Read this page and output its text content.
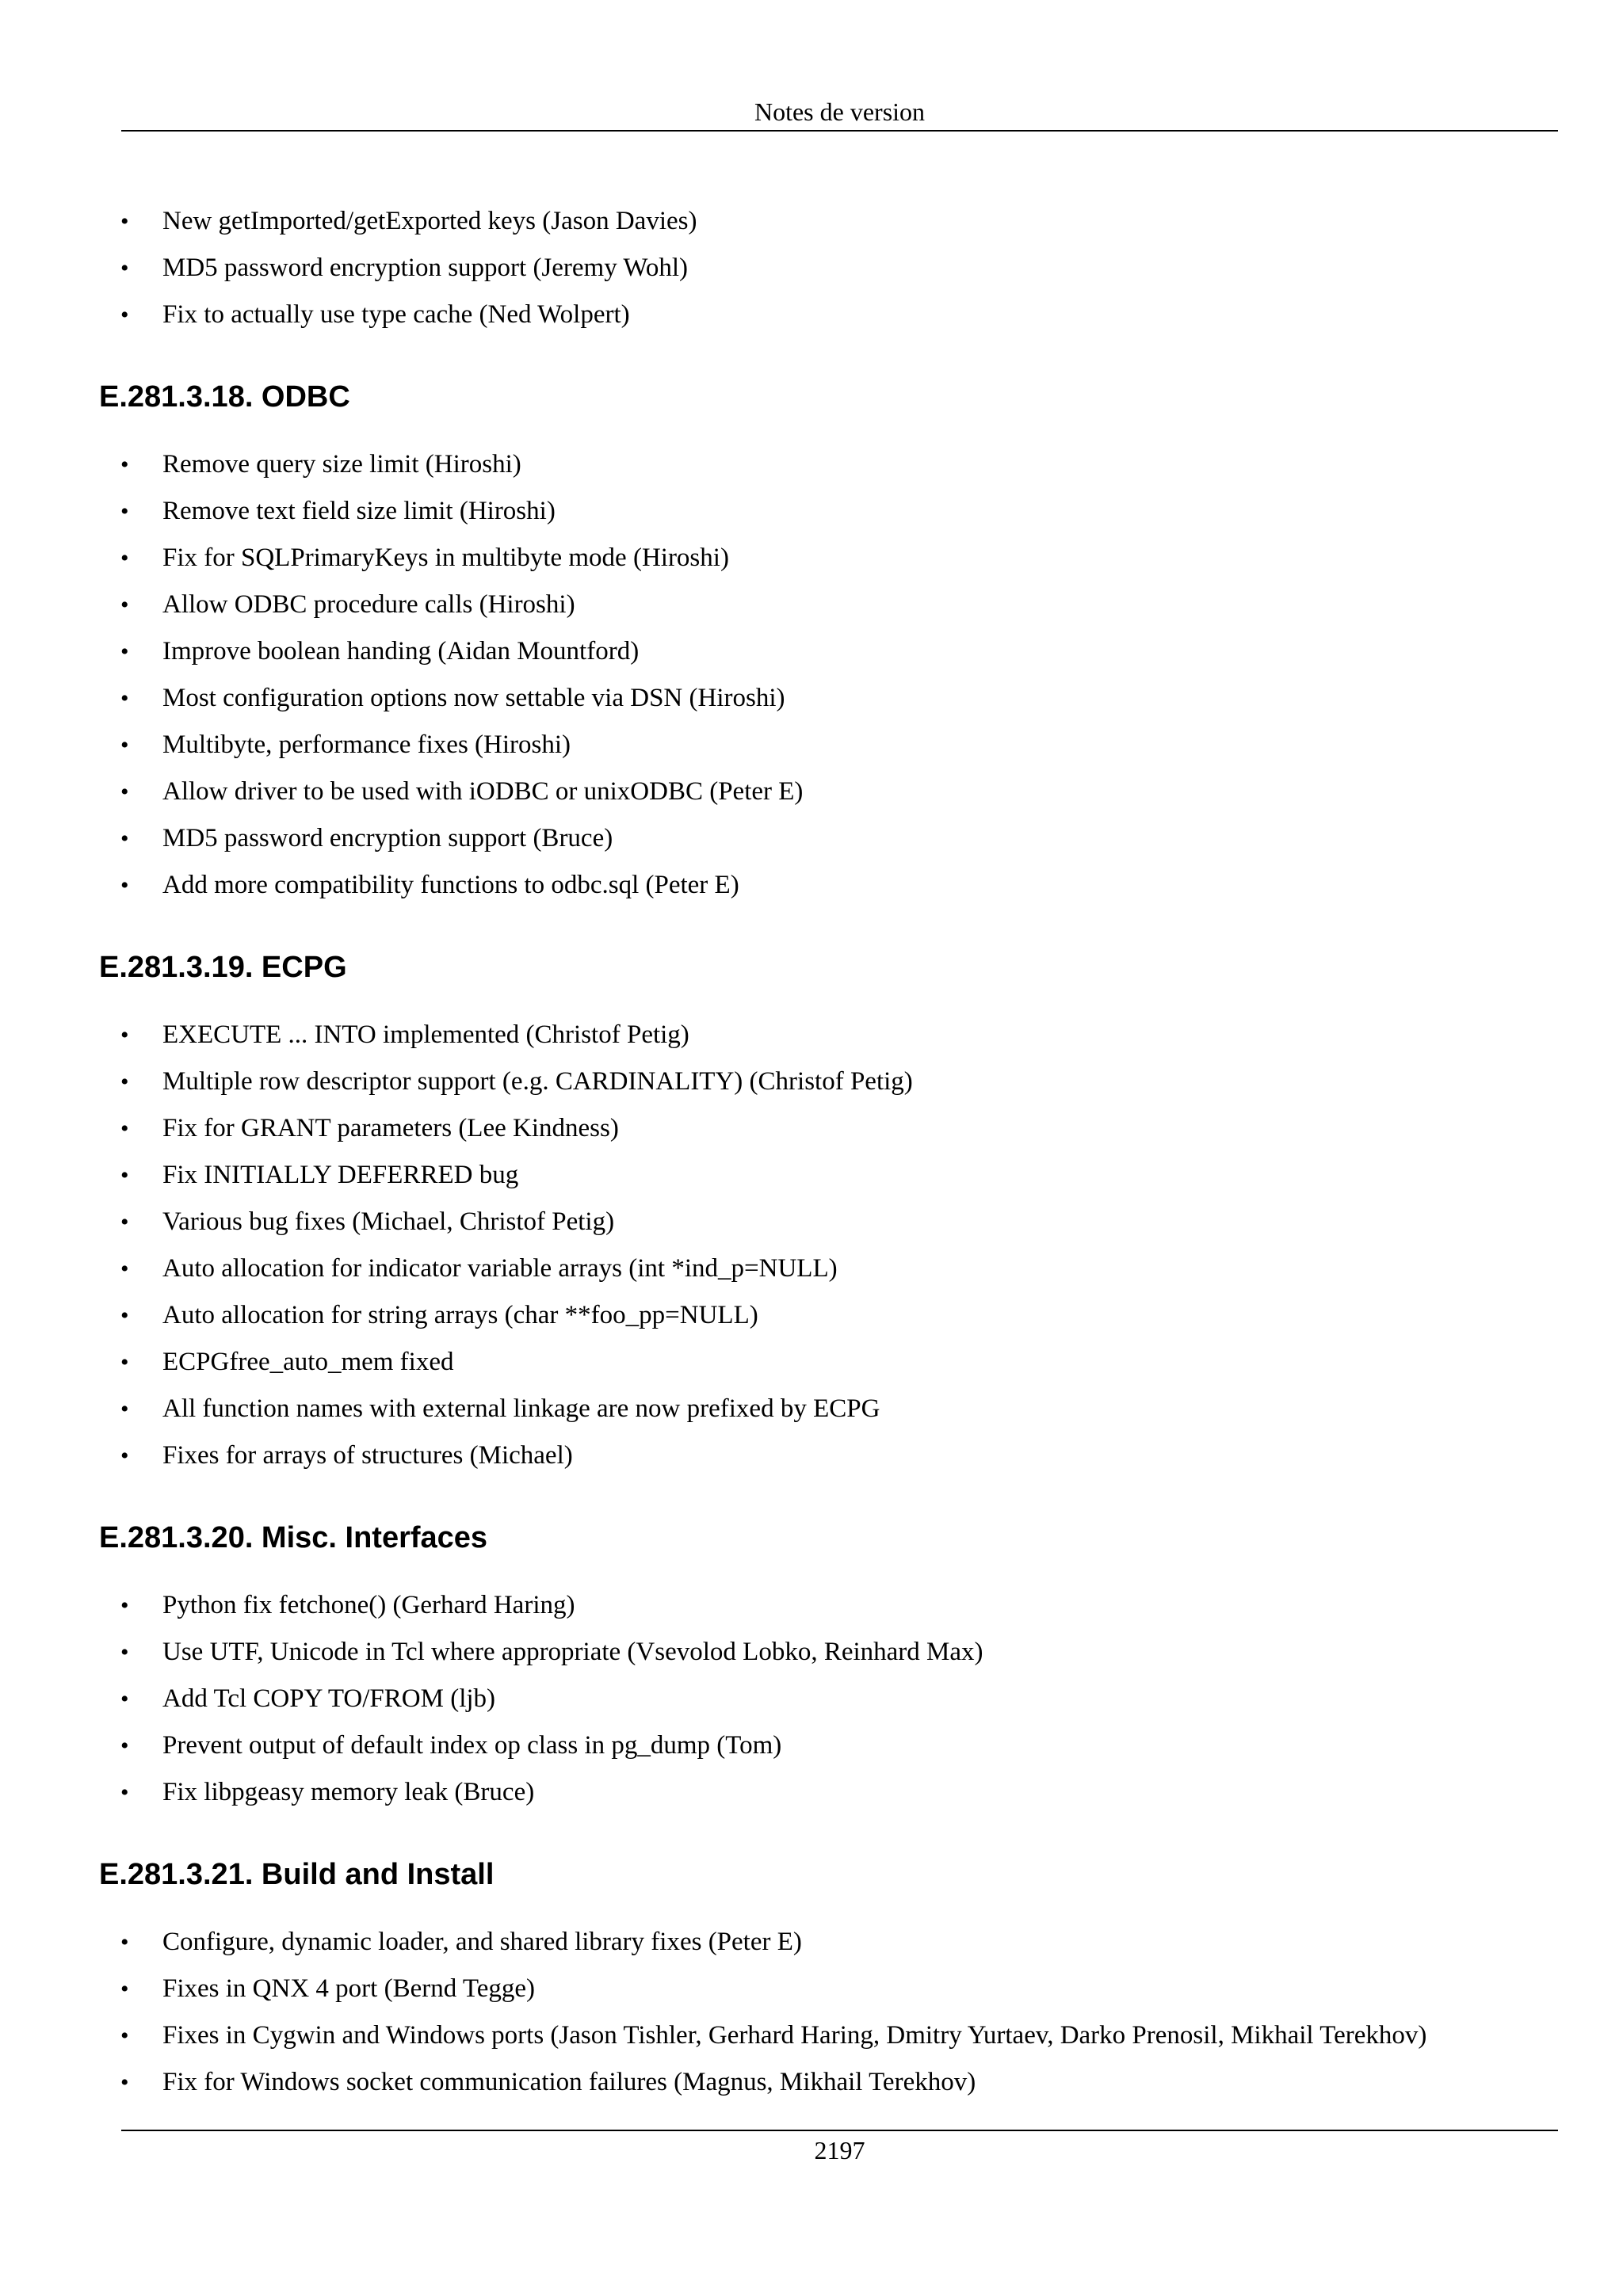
Notes de version
• New getImported/getExported keys (Jason Davies)
• MD5 password encryption support (Jeremy Wohl)
• Fix to actually use type cache (Ned Wolpert)
E.281.3.18. ODBC
• Remove query size limit (Hiroshi)
• Remove text field size limit (Hiroshi)
• Fix for SQLPrimaryKeys in multibyte mode (Hiroshi)
• Allow ODBC procedure calls (Hiroshi)
• Improve boolean handing (Aidan Mountford)
• Most configuration options now settable via DSN (Hiroshi)
• Multibyte, performance fixes (Hiroshi)
• Allow driver to be used with iODBC or unixODBC (Peter E)
• MD5 password encryption support (Bruce)
• Add more compatibility functions to odbc.sql (Peter E)
E.281.3.19. ECPG
• EXECUTE ... INTO implemented (Christof Petig)
• Multiple row descriptor support (e.g. CARDINALITY) (Christof Petig)
• Fix for GRANT parameters (Lee Kindness)
• Fix INITIALLY DEFERRED bug
• Various bug fixes (Michael, Christof Petig)
• Auto allocation for indicator variable arrays (int *ind_p=NULL)
• Auto allocation for string arrays (char **foo_pp=NULL)
• ECPGfree_auto_mem fixed
• All function names with external linkage are now prefixed by ECPG
• Fixes for arrays of structures (Michael)
E.281.3.20. Misc. Interfaces
• Python fix fetchone() (Gerhard Haring)
• Use UTF, Unicode in Tcl where appropriate (Vsevolod Lobko, Reinhard Max)
• Add Tcl COPY TO/FROM (ljb)
• Prevent output of default index op class in pg_dump (Tom)
• Fix libpgeasy memory leak (Bruce)
E.281.3.21. Build and Install
• Configure, dynamic loader, and shared library fixes (Peter E)
• Fixes in QNX 4 port (Bernd Tegge)
• Fixes in Cygwin and Windows ports (Jason Tishler, Gerhard Haring, Dmitry Yurtaev, Darko Prenosil, Mikhail Terekhov)
• Fix for Windows socket communication failures (Magnus, Mikhail Terekhov)
2197
